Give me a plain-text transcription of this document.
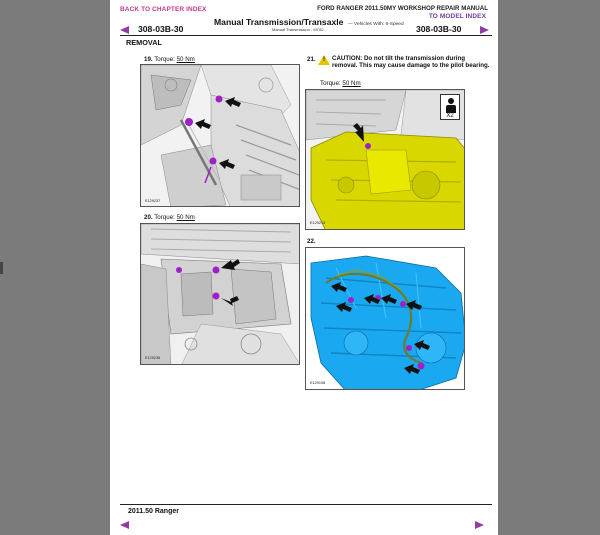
BACK TO CHAPTER INDEX	FORD RANGER 2011.50MY WORKSHOP REPAIR MANUAL
TO MODEL INDEX
Manual Transmission/Transaxle — Vehicles With: 6-Speed
308-03B-30	Manual Transmission - MT82	308-03B-30
REMOVAL
19. Torque: 50 Nm
E129237
20. Torque: 50 Nm
E129236
21. ! CAUTION: Do not tilt the transmission during removal. This may cause damage to the pilot bearing.
Torque: 50 Nm
X2
E129213
22.
E129198
2011.50 Ranger
